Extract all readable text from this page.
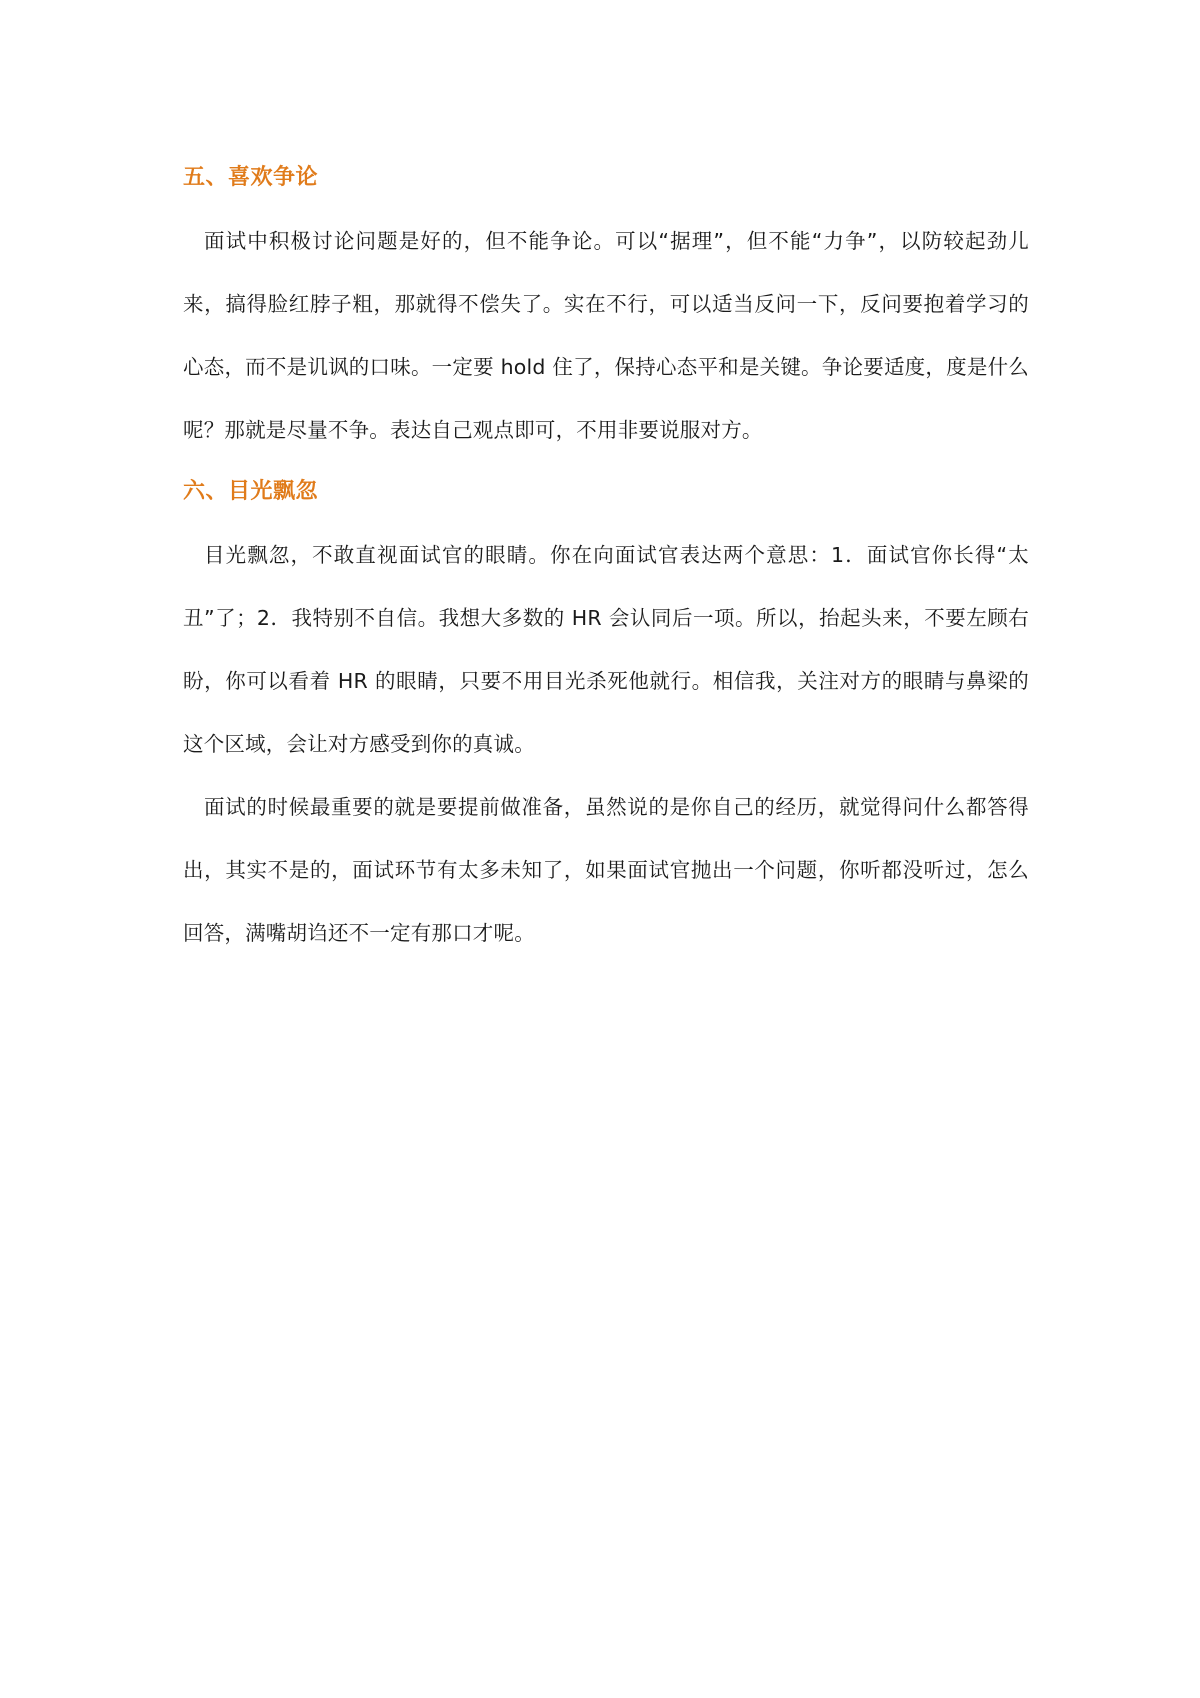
五、喜欢争论

面试中积极讨论问题是好的，但不能争论。可以“据理”，但不能“力争”，以防较起劲儿来，搞得脸红脖子粗，那就得不偿失了。实在不行，可以适当反问一下，反问要抱着学习的心态，而不是讥讽的口味。一定要 hold 住了，保持心态平和是关键。争论要适度，度是什么呢？那就是尽量不争。表达自己观点即可，不用非要说服对方。

六、目光飘忽

目光飘忽，不敢直视面试官的眼睛。你在向面试官表达两个意思：1．面试官你长得“太丑”了；2．我特别不自信。我想大多数的 HR 会认同后一项。所以，抬起头来，不要左顾右盼，你可以看着 HR 的眼睛，只要不用目光杀死他就行。相信我，关注对方的眼睛与鼻梁的这个区域，会让对方感受到你的真诚。

面试的时候最重要的就是要提前做准备，虽然说的是你自己的经历，就觉得问什么都答得出，其实不是的，面试环节有太多未知了，如果面试官抛出一个问题，你听都没听过，怎么回答，满嘴胡诌还不一定有那口才呢。
